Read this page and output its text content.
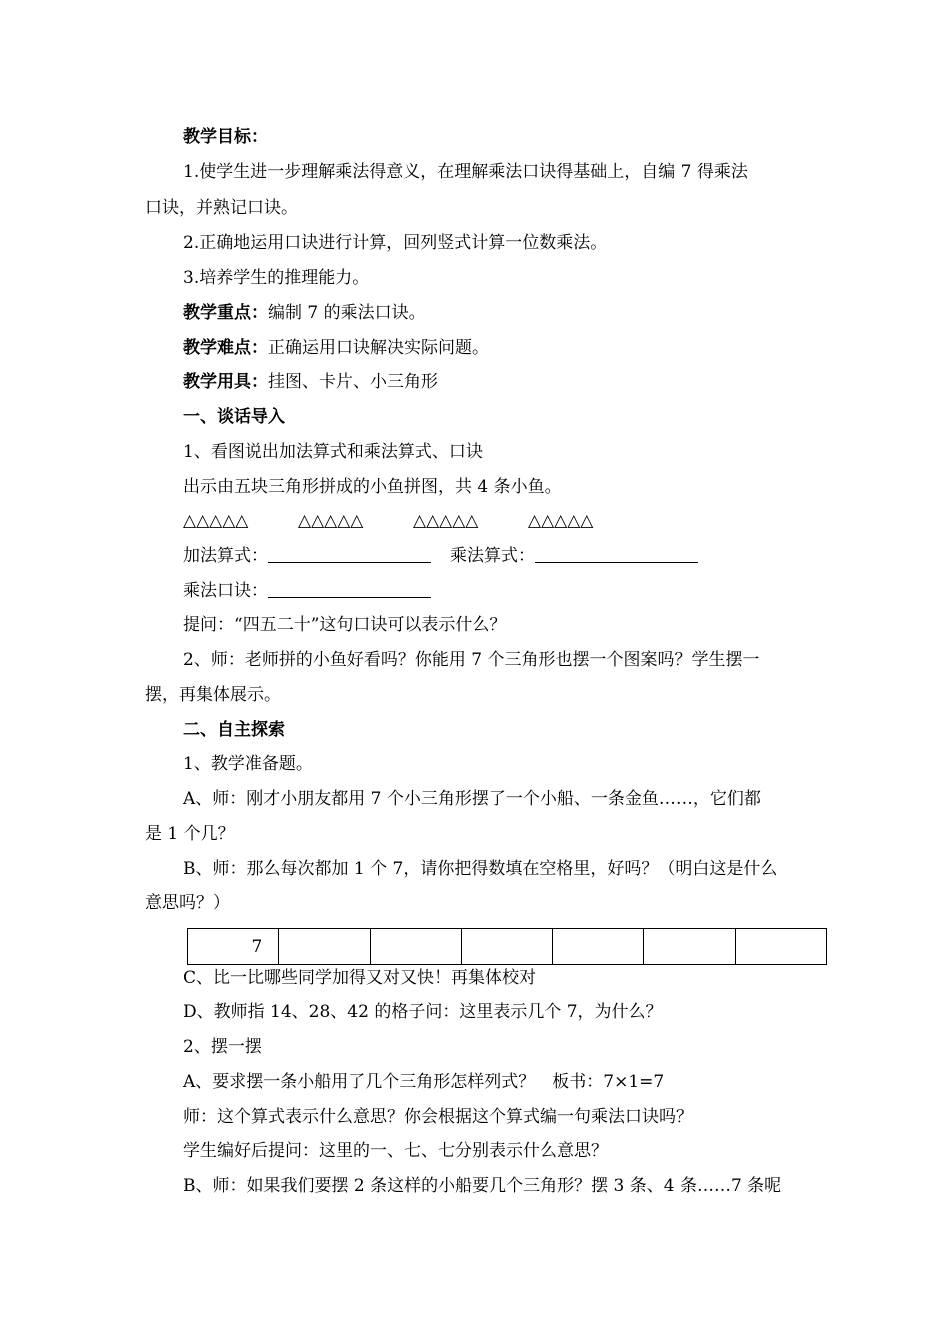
教学目标：
1.使学生进一步理解乘法得意义，在理解乘法口诀得基础上，自编 7 得乘法
口诀，并熟记口诀。
2.正确地运用口诀进行计算，回列竖式计算一位数乘法。
3.培养学生的推理能力。
教学重点：编制 7 的乘法口诀。
教学难点：正确运用口诀解决实际问题。
教学用具：挂图、卡片、小三角形
一、谈话导入
1、看图说出加法算式和乘法算式、口诀
出示由五块三角形拼成的小鱼拼图，共 4 条小鱼。
△△△△△	△△△△△	△△△△△	△△△△△
加法算式：	乘法算式：
乘法口诀：
提问：“四五二十”这句口诀可以表示什么？
2、师：老师拼的小鱼好看吗？你能用 7 个三角形也摆一个图案吗？学生摆一
摆，再集体展示。
二、自主探索
1、教学准备题。
A、师：刚才小朋友都用 7 个小三角形摆了一个小船、一条金鱼……，它们都
是 1 个几？
B、师：那么每次都加 1 个 7，请你把得数填在空格里，好吗？（明白这是什么
意思吗？）
7						
C、比一比哪些同学加得又对又快！再集体校对
D、教师指 14、28、42 的格子问：这里表示几个 7，为什么？
2、摆一摆
A、要求摆一条小船用了几个三角形怎样列式？　板书：7×1=7
师：这个算式表示什么意思？你会根据这个算式编一句乘法口诀吗？
学生编好后提问：这里的一、七、七分别表示什么意思？
B、师：如果我们要摆 2 条这样的小船要几个三角形？摆 3 条、4 条……7 条呢
